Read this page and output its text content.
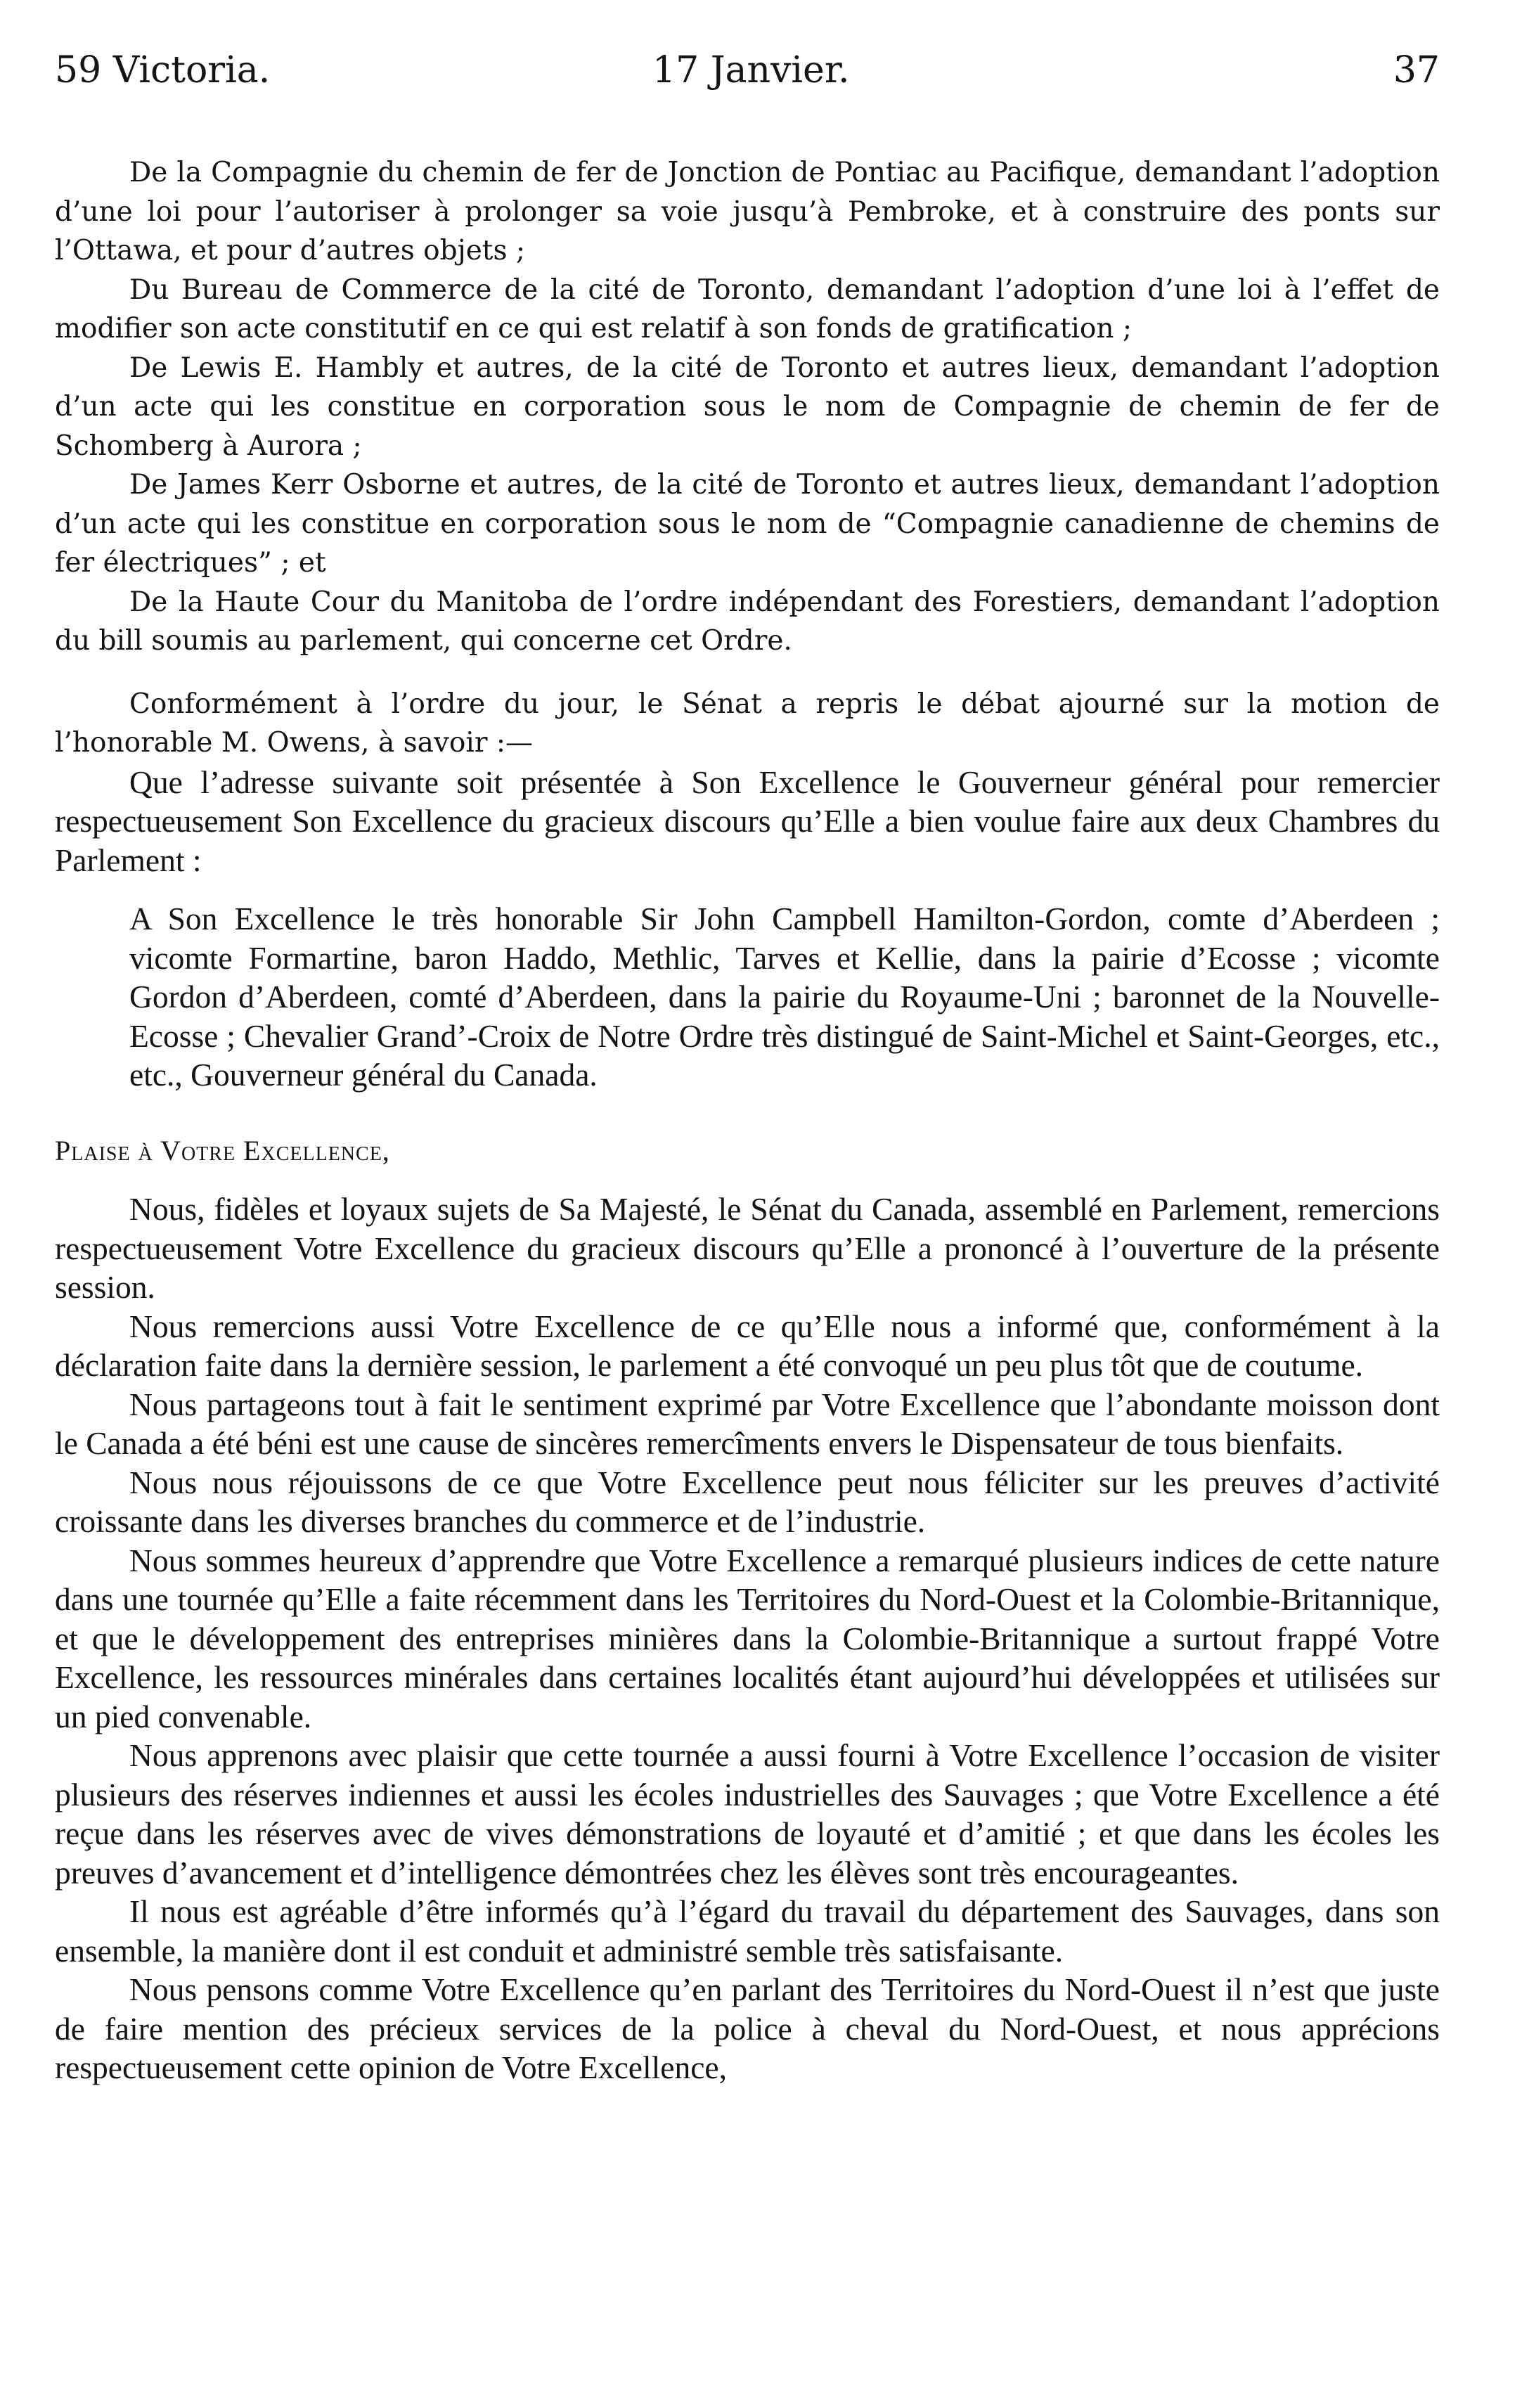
59 Victoria.	17 Janvier.	37

De la Compagnie du chemin de fer de Jonction de Pontiac au Pacifique, demandant l’adoption d’une loi pour l’autoriser à prolonger sa voie jusqu’à Pembroke, et à construire des ponts sur l’Ottawa, et pour d’autres objets ;

Du Bureau de Commerce de la cité de Toronto, demandant l’adoption d’une loi à l’effet de modifier son acte constitutif en ce qui est relatif à son fonds de gratification ;

De Lewis E. Hambly et autres, de la cité de Toronto et autres lieux, demandant l’adoption d’un acte qui les constitue en corporation sous le nom de Compagnie de chemin de fer de Schomberg à Aurora ;

De James Kerr Osborne et autres, de la cité de Toronto et autres lieux, demandant l’adoption d’un acte qui les constitue en corporation sous le nom de “Compagnie canadienne de chemins de fer électriques” ; et

De la Haute Cour du Manitoba de l’ordre indépendant des Forestiers, demandant l’adoption du bill soumis au parlement, qui concerne cet Ordre.

Conformément à l’ordre du jour, le Sénat a repris le débat ajourné sur la motion de l’honorable M. Owens, à savoir :—

Que l’adresse suivante soit présentée à Son Excellence le Gouverneur général pour remercier respectueusement Son Excellence du gracieux discours qu’Elle a bien voulue faire aux deux Chambres du Parlement :

A Son Excellence le très honorable Sir John Campbell Hamilton-Gordon, comte d’Aberdeen ; vicomte Formartine, baron Haddo, Methlic, Tarves et Kellie, dans la pairie d’Ecosse ; vicomte Gordon d’Aberdeen, comté d’Aberdeen, dans la pairie du Royaume-Uni ; baronnet de la Nouvelle-Ecosse ; Chevalier Grand’-Croix de Notre Ordre très distingué de Saint-Michel et Saint-Georges, etc., etc., Gouverneur général du Canada.

Plaise à Votre Excellence,

Nous, fidèles et loyaux sujets de Sa Majesté, le Sénat du Canada, assemblé en Parlement, remercions respectueusement Votre Excellence du gracieux discours qu’Elle a prononcé à l’ouverture de la présente session.

Nous remercions aussi Votre Excellence de ce qu’Elle nous a informé que, conformément à la déclaration faite dans la dernière session, le parlement a été convoqué un peu plus tôt que de coutume.

Nous partageons tout à fait le sentiment exprimé par Votre Excellence que l’abondante moisson dont le Canada a été béni est une cause de sincères remercîments envers le Dispensateur de tous bienfaits.

Nous nous réjouissons de ce que Votre Excellence peut nous féliciter sur les preuves d’activité croissante dans les diverses branches du commerce et de l’industrie.

Nous sommes heureux d’apprendre que Votre Excellence a remarqué plusieurs indices de cette nature dans une tournée qu’Elle a faite récemment dans les Territoires du Nord-Ouest et la Colombie-Britannique, et que le développement des entreprises minières dans la Colombie-Britannique a surtout frappé Votre Excellence, les ressources minérales dans certaines localités étant aujourd’hui développées et utilisées sur un pied convenable.

Nous apprenons avec plaisir que cette tournée a aussi fourni à Votre Excellence l’occasion de visiter plusieurs des réserves indiennes et aussi les écoles industrielles des Sauvages ; que Votre Excellence a été reçue dans les réserves avec de vives démonstrations de loyauté et d’amitié ; et que dans les écoles les preuves d’avancement et d’intelligence démontrées chez les élèves sont très encourageantes.

Il nous est agréable d’être informés qu’à l’égard du travail du département des Sauvages, dans son ensemble, la manière dont il est conduit et administré semble très satisfaisante.

Nous pensons comme Votre Excellence qu’en parlant des Territoires du Nord-Ouest il n’est que juste de faire mention des précieux services de la police à cheval du Nord-Ouest, et nous apprécions respectueusement cette opinion de Votre Excellence,
